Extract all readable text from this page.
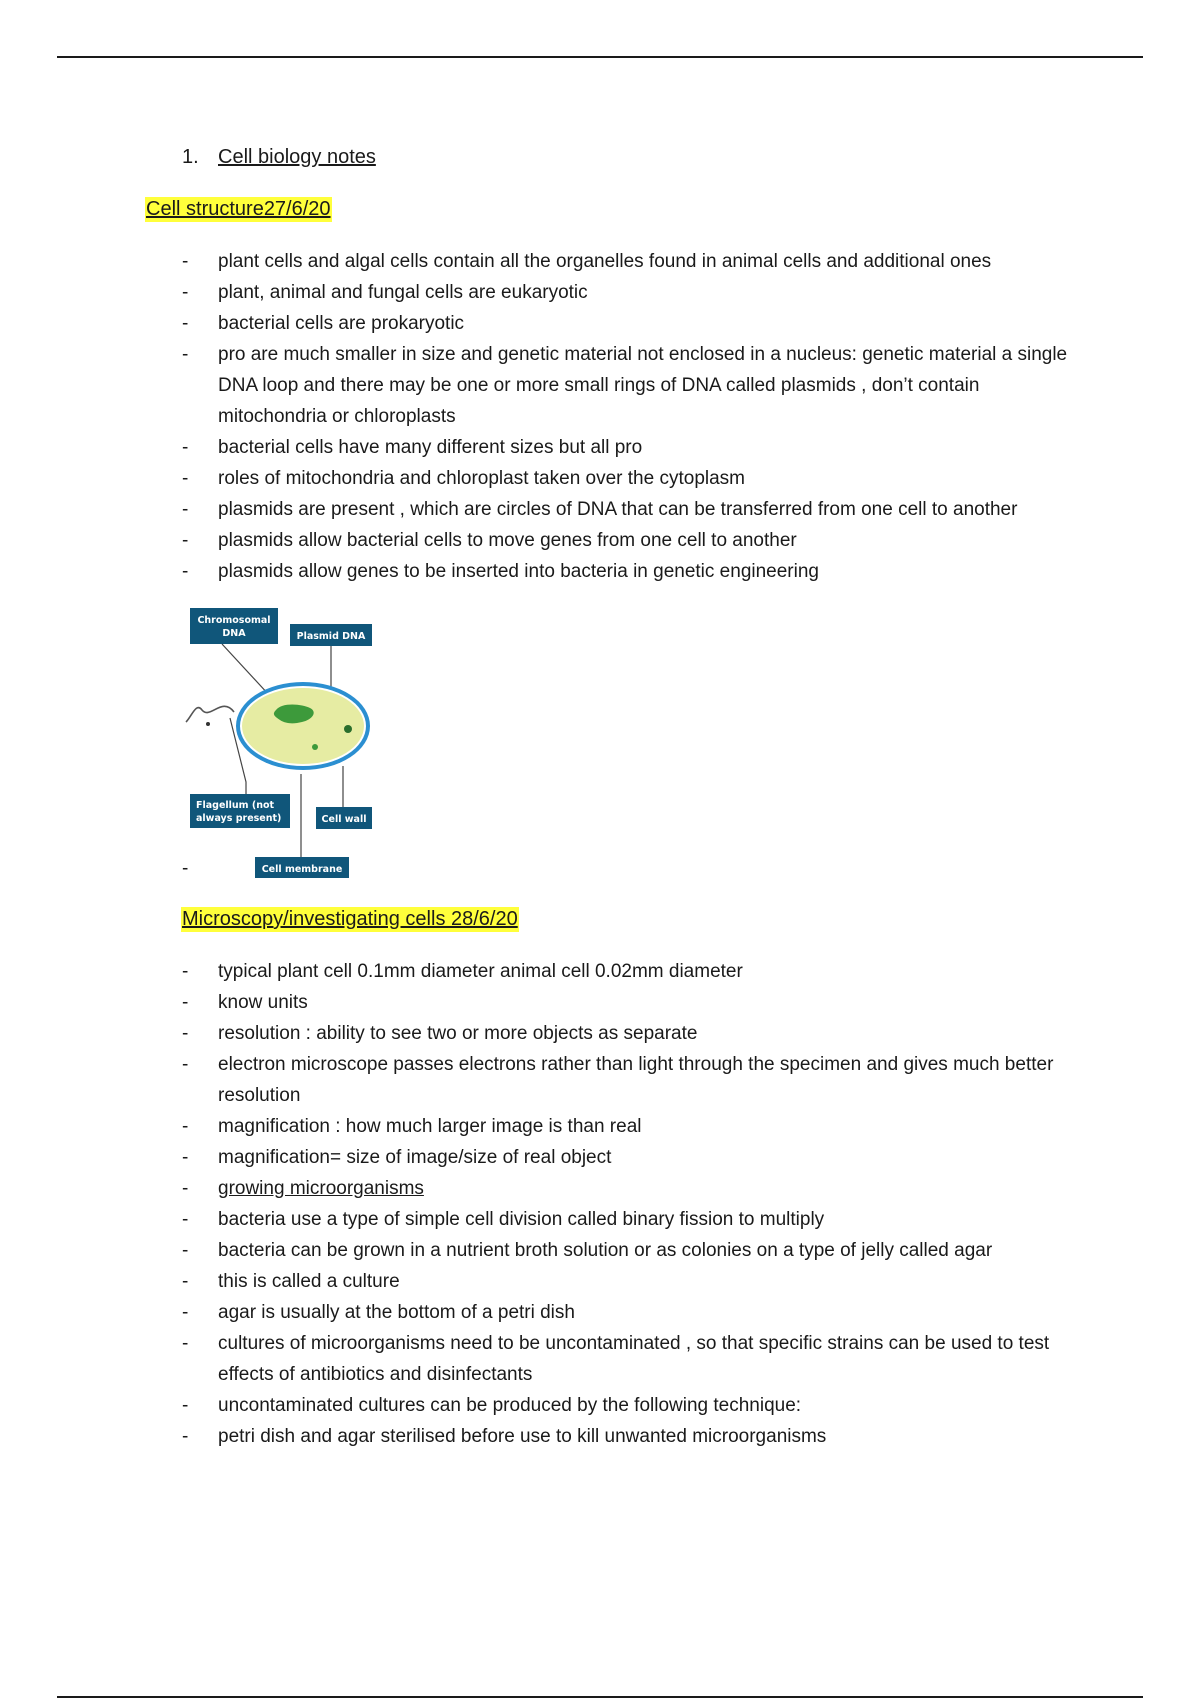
1. Cell biology notes
Cell structure27/6/20
- plant cells and algal cells contain all the organelles found in animal cells and additional ones
- plant, animal and fungal cells are eukaryotic
- bacterial cells are prokaryotic
- pro are much smaller in size and genetic material not enclosed in a nucleus: genetic material a single DNA loop and there may be one or more small rings of DNA called plasmids , don’t contain mitochondria or chloroplasts
- bacterial cells have many different sizes but all pro
- roles of mitochondria and chloroplast taken over the cytoplasm
- plasmids are present , which are circles of DNA that can be transferred from one cell to another
- plasmids allow bacterial cells to move genes from one cell to another
- plasmids allow genes to be inserted into bacteria in genetic engineering
Chromosomal
DNA	Plasmid DNA
Flagellum (not
always present)	Cell wall
Cell membrane
-
Microscopy/investigating cells 28/6/20
- typical plant cell 0.1mm diameter animal cell 0.02mm diameter
- know units
- resolution : ability to see two or more objects as separate
- electron microscope passes electrons rather than light through the specimen and gives much better resolution
- magnification : how much larger image is than real
- magnification= size of image/size of real object
- growing microorganisms
- bacteria use a type of simple cell division called binary fission to multiply
- bacteria can be grown in a nutrient broth solution or as colonies on a type of jelly called agar
- this is called a culture
- agar is usually at the bottom of a petri dish
- cultures of microorganisms need to be uncontaminated , so that specific strains can be used to test effects of antibiotics and disinfectants
- uncontaminated cultures can be produced by the following technique:
- petri dish and agar sterilised before use to kill unwanted microorganisms
